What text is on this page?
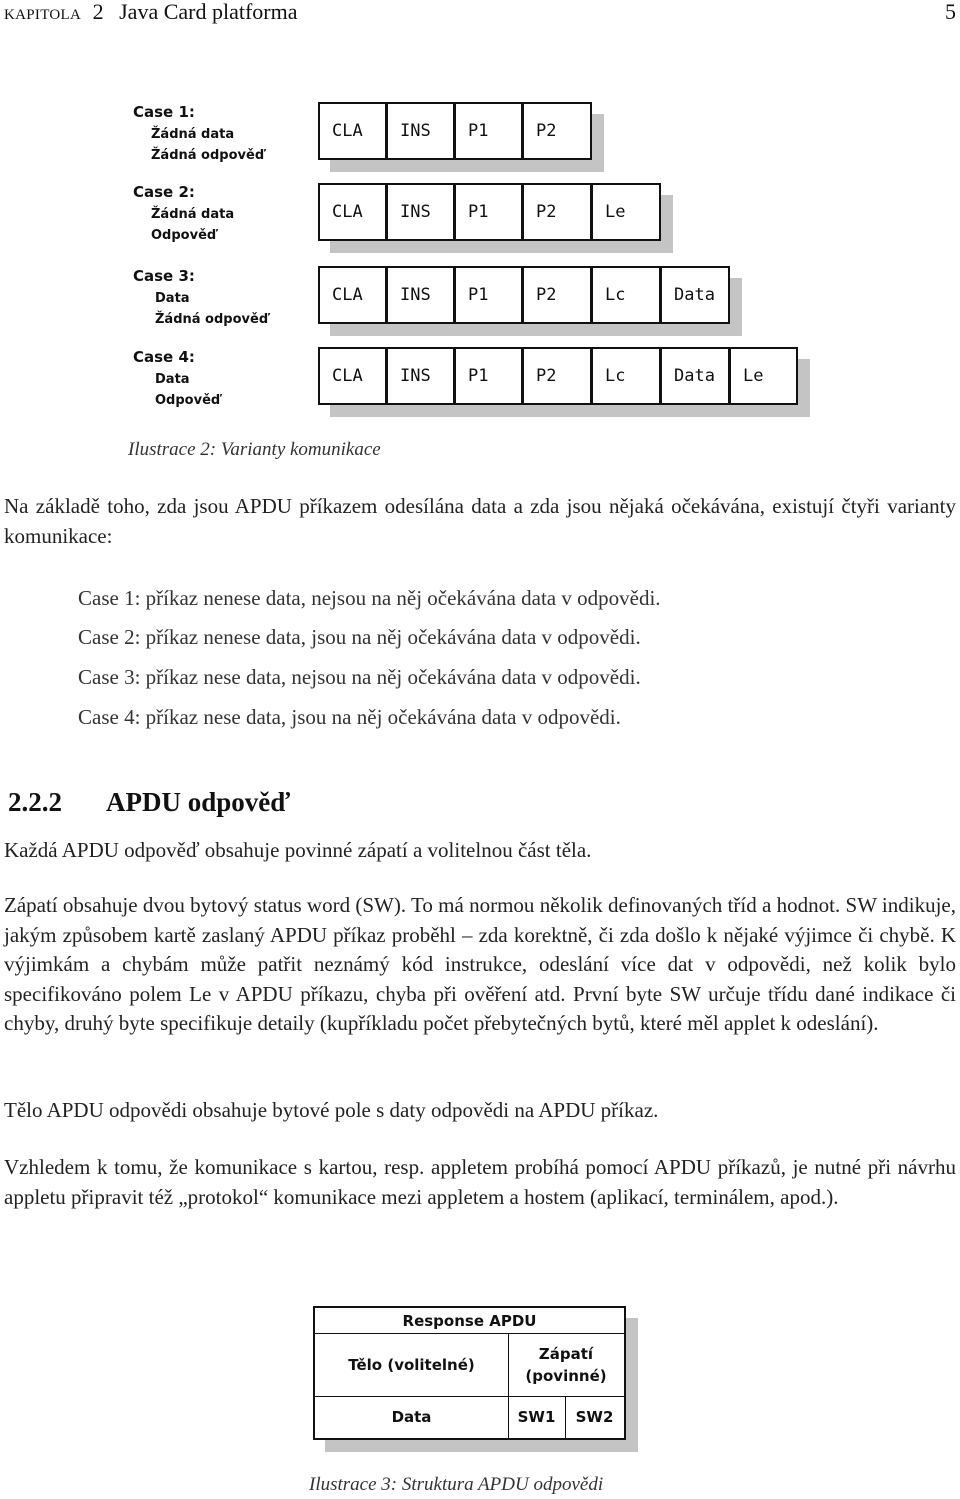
KAPITOLA 2 Java Card platforma	5
Case 1:
Žádná data
Žádná odpověď
Case 2:
Žádná data
Odpověď
Case 3:
Data
Žádná odpověď
Case 4:
Data
Odpověď
CLA	INS	P1	P2
CLA	INS	P1	P2	Le
CLA	INS	P1	P2	Lc	Data
CLA	INS	P1	P2	Lc	Data	Le
Ilustrace 2: Varianty komunikace
Na základě toho, zda jsou APDU příkazem odesílána data a zda jsou nějaká očekávána, existují čtyři varianty komunikace:
Case 1: příkaz nenese data, nejsou na něj očekávána data v odpovědi.
Case 2: příkaz nenese data, jsou na něj očekávána data v odpovědi.
Case 3: příkaz nese data, nejsou na něj očekávána data v odpovědi.
Case 4: příkaz nese data, jsou na něj očekávána data v odpovědi.
2.2.2 APDU odpověď
Každá APDU odpověď obsahuje povinné zápatí a volitelnou část těla.
Zápatí obsahuje dvou bytový status word (SW). To má normou několik definovaných tříd a hodnot. SW indikuje, jakým způsobem kartě zaslaný APDU příkaz proběhl – zda korektně, či zda došlo k nějaké výjimce či chybě. K výjimkám a chybám může patřit neznámý kód instrukce, odeslání více dat v odpovědi, než kolik bylo specifikováno polem Le v APDU příkazu, chyba při ověření atd. První byte SW určuje třídu dané indikace či chyby, druhý byte specifikuje detaily (kupříkladu počet přebytečných bytů, které měl applet k odeslání).
Tělo APDU odpovědi obsahuje bytové pole s daty odpovědi na APDU příkaz.
Vzhledem k tomu, že komunikace s kartou, resp. appletem probíhá pomocí APDU příkazů, je nutné při návrhu appletu připravit též „protokol“ komunikace mezi appletem a hostem (aplikací, terminálem, apod.).
Response APDU
Tělo (volitelné)
Zápatí
(povinné)
Data	SW1	SW2
Ilustrace 3: Struktura APDU odpovědi
